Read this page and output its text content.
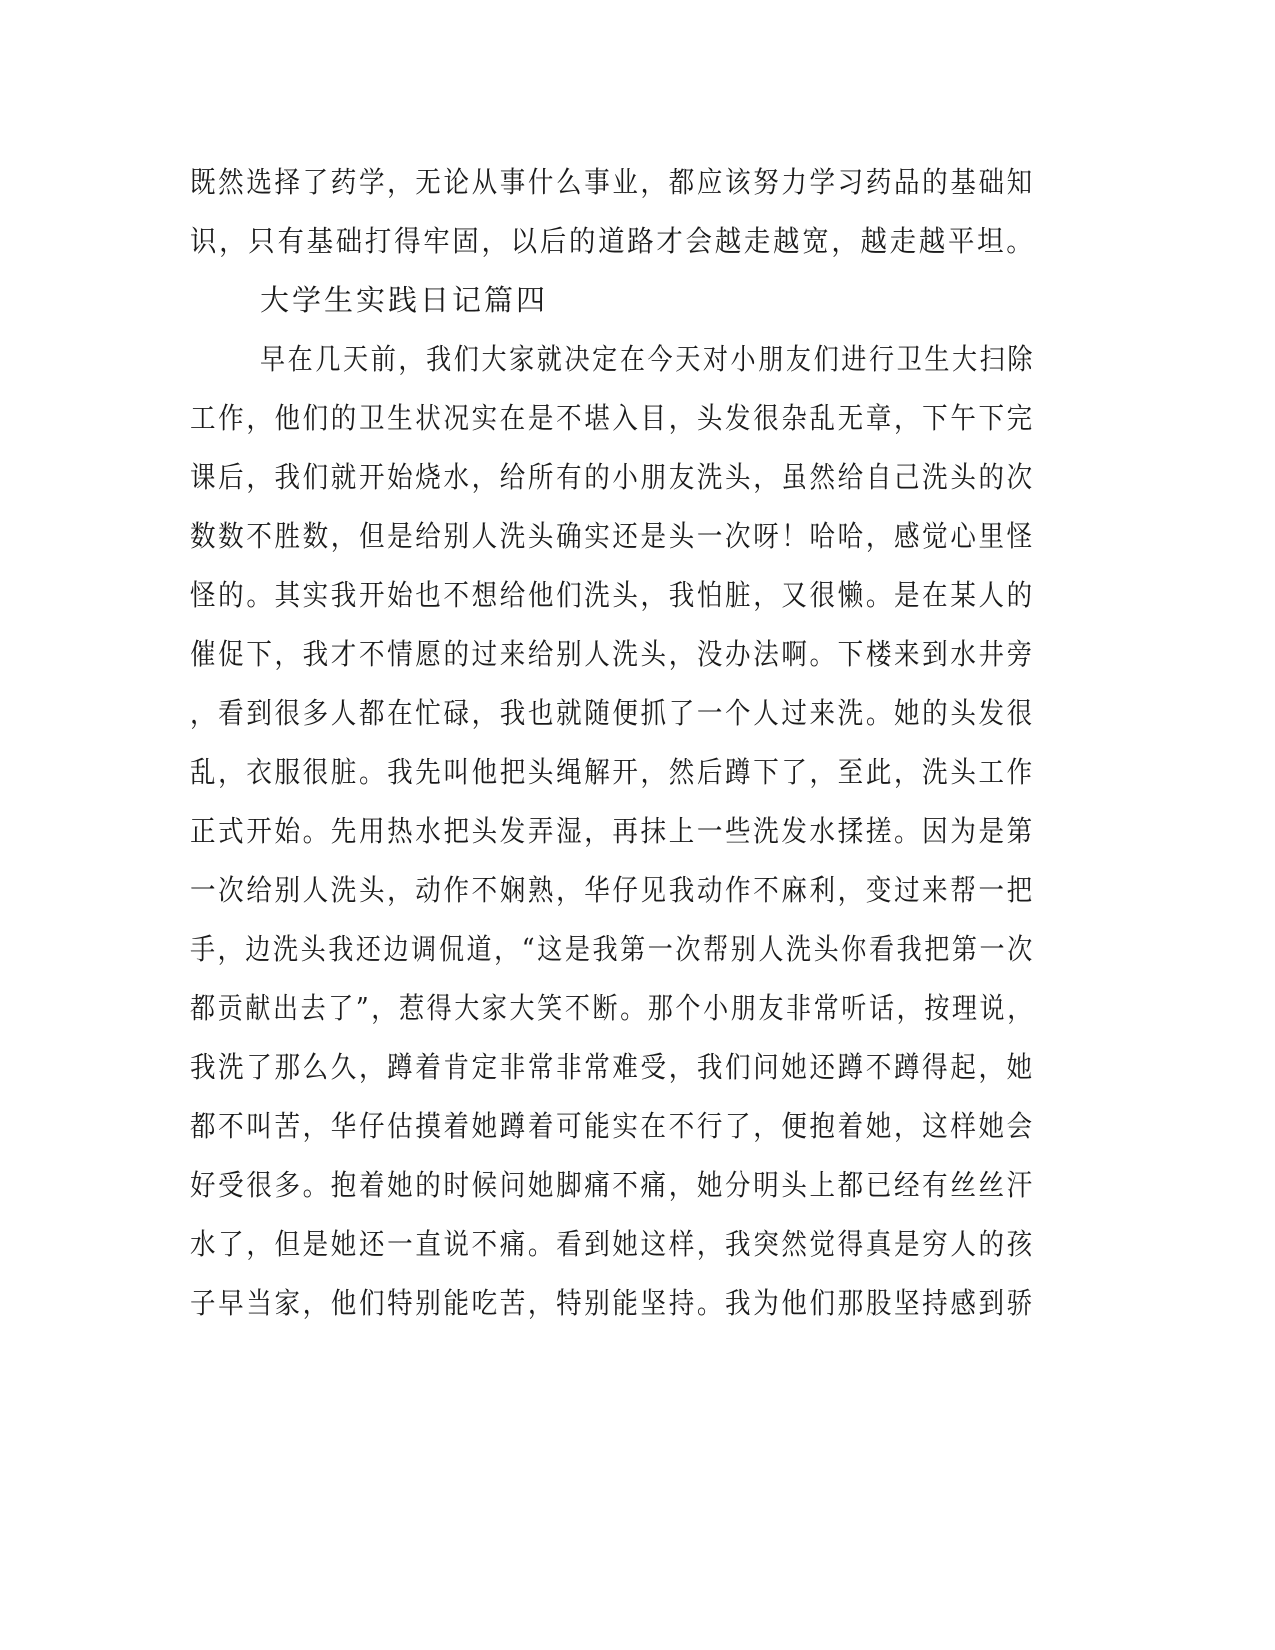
既然选择了药学，无论从事什么事业，都应该努力学习药品的基础知
识，只有基础打得牢固，以后的道路才会越走越宽，越走越平坦。
大学生实践日记篇四
早在几天前，我们大家就决定在今天对小朋友们进行卫生大扫除
工作，他们的卫生状况实在是不堪入目，头发很杂乱无章，下午下完
课后，我们就开始烧水，给所有的小朋友洗头，虽然给自己洗头的次
数数不胜数，但是给别人洗头确实还是头一次呀！哈哈，感觉心里怪
怪的。其实我开始也不想给他们洗头，我怕脏，又很懒。是在某人的
催促下，我才不情愿的过来给别人洗头，没办法啊。下楼来到水井旁
，看到很多人都在忙碌，我也就随便抓了一个人过来洗。她的头发很
乱，衣服很脏。我先叫他把头绳解开，然后蹲下了，至此，洗头工作
正式开始。先用热水把头发弄湿，再抹上一些洗发水揉搓。因为是第
一次给别人洗头，动作不娴熟，华仔见我动作不麻利，变过来帮一把
手，边洗头我还边调侃道，“这是我第一次帮别人洗头你看我把第一次
都贡献出去了”，惹得大家大笑不断。那个小朋友非常听话，按理说，
我洗了那么久，蹲着肯定非常非常难受，我们问她还蹲不蹲得起，她
都不叫苦，华仔估摸着她蹲着可能实在不行了，便抱着她，这样她会
好受很多。抱着她的时候问她脚痛不痛，她分明头上都已经有丝丝汗
水了，但是她还一直说不痛。看到她这样，我突然觉得真是穷人的孩
子早当家，他们特别能吃苦，特别能坚持。我为他们那股坚持感到骄
